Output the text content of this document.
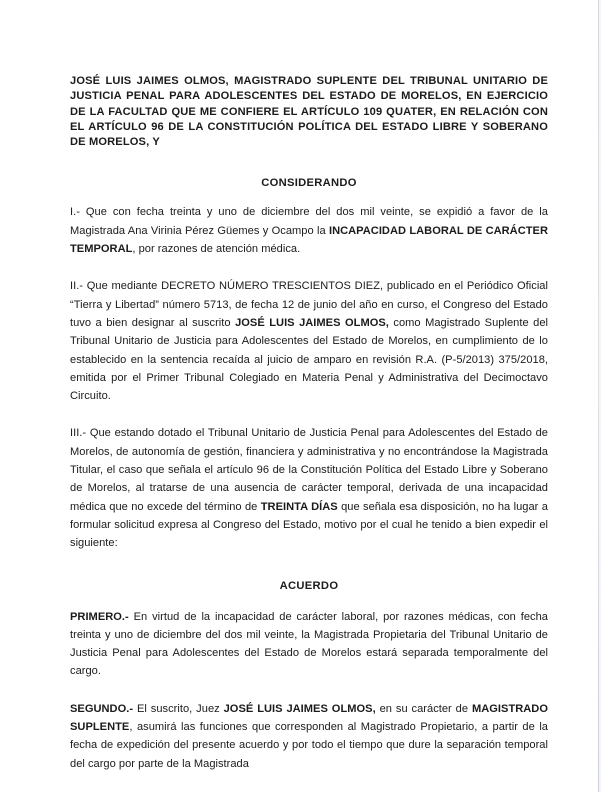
JOSÉ LUIS JAIMES OLMOS, MAGISTRADO SUPLENTE DEL TRIBUNAL UNITARIO DE JUSTICIA PENAL PARA ADOLESCENTES DEL ESTADO DE MORELOS, EN EJERCICIO DE LA FACULTAD QUE ME CONFIERE EL ARTÍCULO 109 QUATER, EN RELACIÓN CON EL ARTÍCULO 96 DE LA CONSTITUCIÓN POLÍTICA DEL ESTADO LIBRE Y SOBERANO DE MORELOS, Y

CONSIDERANDO

I.- Que con fecha treinta y uno de diciembre del dos mil veinte, se expidió a favor de la Magistrada Ana Virinia Pérez Güemes y Ocampo la INCAPACIDAD LABORAL DE CARÁCTER TEMPORAL, por razones de atención médica.

II.- Que mediante DECRETO NÚMERO TRESCIENTOS DIEZ, publicado en el Periódico Oficial “Tierra y Libertad” número 5713, de fecha 12 de junio del año en curso, el Congreso del Estado tuvo a bien designar al suscrito JOSÉ LUIS JAIMES OLMOS, como Magistrado Suplente del Tribunal Unitario de Justicia para Adolescentes del Estado de Morelos, en cumplimiento de lo establecido en la sentencia recaída al juicio de amparo en revisión R.A. (P-5/2013) 375/2018, emitida por el Primer Tribunal Colegiado en Materia Penal y Administrativa del Decimoctavo Circuito.

III.- Que estando dotado el Tribunal Unitario de Justicia Penal para Adolescentes del Estado de Morelos, de autonomía de gestión, financiera y administrativa y no encontrándose la Magistrada Titular, el caso que señala el artículo 96 de la Constitución Política del Estado Libre y Soberano de Morelos, al tratarse de una ausencia de carácter temporal, derivada de una incapacidad médica que no excede del término de TREINTA DÍAS que señala esa disposición, no ha lugar a formular solicitud expresa al Congreso del Estado, motivo por el cual he tenido a bien expedir el siguiente:

ACUERDO

PRIMERO.- En virtud de la incapacidad de carácter laboral, por razones médicas, con fecha treinta y uno de diciembre del dos mil veinte, la Magistrada Propietaria del Tribunal Unitario de Justicia Penal para Adolescentes del Estado de Morelos estará separada temporalmente del cargo.

SEGUNDO.- El suscrito, Juez JOSÉ LUIS JAIMES OLMOS, en su carácter de MAGISTRADO SUPLENTE, asumirá las funciones que corresponden al Magistrado Propietario, a partir de la fecha de expedición del presente acuerdo y por todo el tiempo que dure la separación temporal del cargo por parte de la Magistrada
